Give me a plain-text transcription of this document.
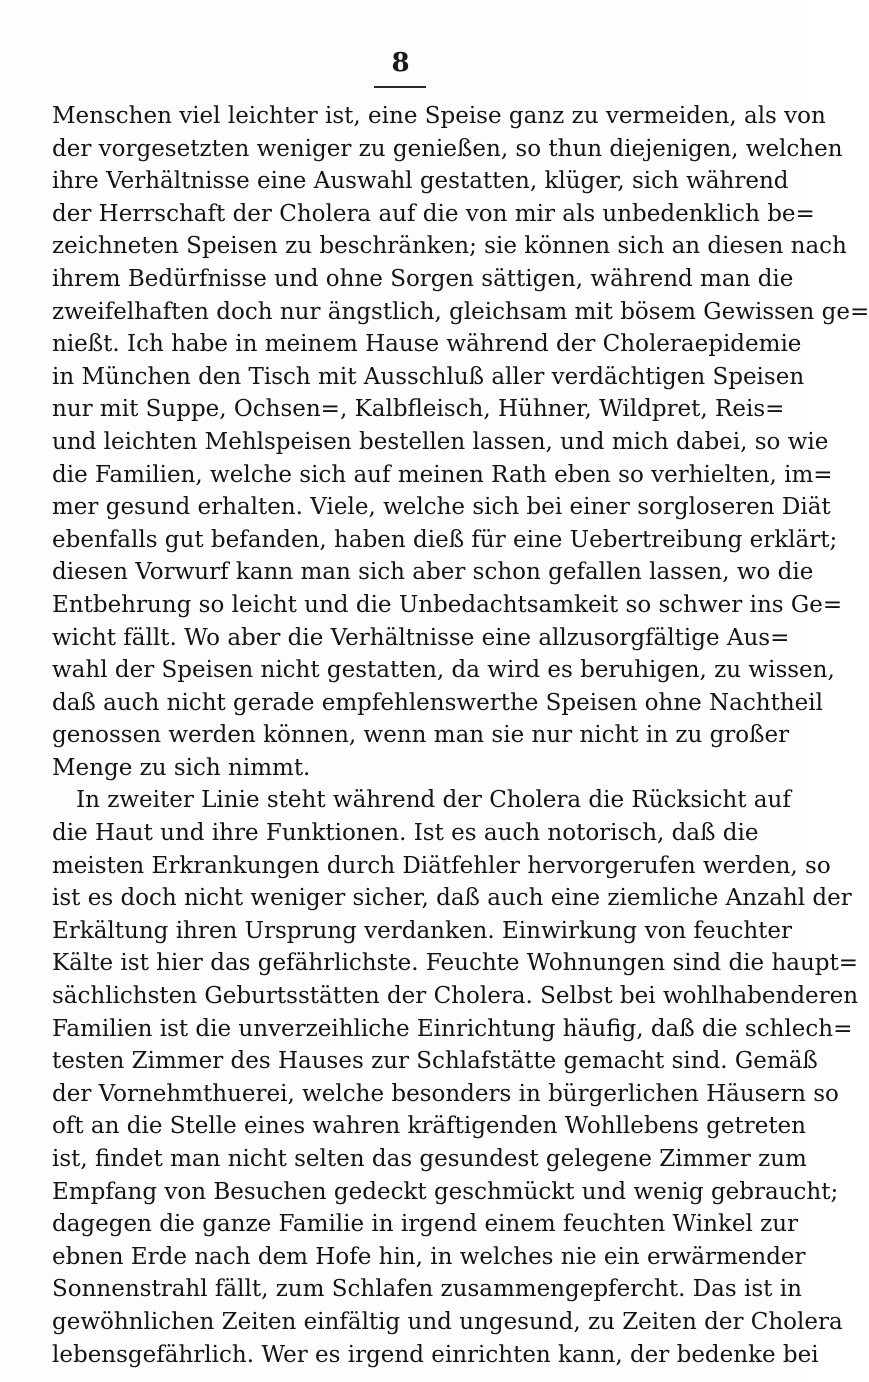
8
Menschen viel leichter ist, eine Speise ganz zu vermeiden, als von
der vorgesetzten weniger zu genießen, so thun diejenigen, welchen
ihre Verhältnisse eine Auswahl gestatten, klüger, sich während
der Herrschaft der Cholera auf die von mir als unbedenklich be=
zeichneten Speisen zu beschränken; sie können sich an diesen nach
ihrem Bedürfnisse und ohne Sorgen sättigen, während man die
zweifelhaften doch nur ängstlich, gleichsam mit bösem Gewissen ge=
nießt. Ich habe in meinem Hause während der Choleraepidemie
in München den Tisch mit Ausschluß aller verdächtigen Speisen
nur mit Suppe, Ochsen=, Kalbfleisch, Hühner, Wildpret, Reis=
und leichten Mehlspeisen bestellen lassen, und mich dabei, so wie
die Familien, welche sich auf meinen Rath eben so verhielten, im=
mer gesund erhalten. Viele, welche sich bei einer sorgloseren Diät
ebenfalls gut befanden, haben dieß für eine Uebertreibung erklärt;
diesen Vorwurf kann man sich aber schon gefallen lassen, wo die
Entbehrung so leicht und die Unbedachtsamkeit so schwer ins Ge=
wicht fällt. Wo aber die Verhältnisse eine allzusorgfältige Aus=
wahl der Speisen nicht gestatten, da wird es beruhigen, zu wissen,
daß auch nicht gerade empfehlenswerthe Speisen ohne Nachtheil
genossen werden können, wenn man sie nur nicht in zu großer
Menge zu sich nimmt.
In zweiter Linie steht während der Cholera die Rücksicht auf
die Haut und ihre Funktionen. Ist es auch notorisch, daß die
meisten Erkrankungen durch Diätfehler hervorgerufen werden, so
ist es doch nicht weniger sicher, daß auch eine ziemliche Anzahl der
Erkältung ihren Ursprung verdanken. Einwirkung von feuchter
Kälte ist hier das gefährlichste. Feuchte Wohnungen sind die haupt=
sächlichsten Geburtsstätten der Cholera. Selbst bei wohlhabenderen
Familien ist die unverzeihliche Einrichtung häufig, daß die schlech=
testen Zimmer des Hauses zur Schlafstätte gemacht sind. Gemäß
der Vornehmthuerei, welche besonders in bürgerlichen Häusern so
oft an die Stelle eines wahren kräftigenden Wohllebens getreten
ist, findet man nicht selten das gesundest gelegene Zimmer zum
Empfang von Besuchen gedeckt geschmückt und wenig gebraucht;
dagegen die ganze Familie in irgend einem feuchten Winkel zur
ebnen Erde nach dem Hofe hin, in welches nie ein erwärmender
Sonnenstrahl fällt, zum Schlafen zusammengepfercht. Das ist in
gewöhnlichen Zeiten einfältig und ungesund, zu Zeiten der Cholera
lebensgefährlich. Wer es irgend einrichten kann, der bedenke bei
